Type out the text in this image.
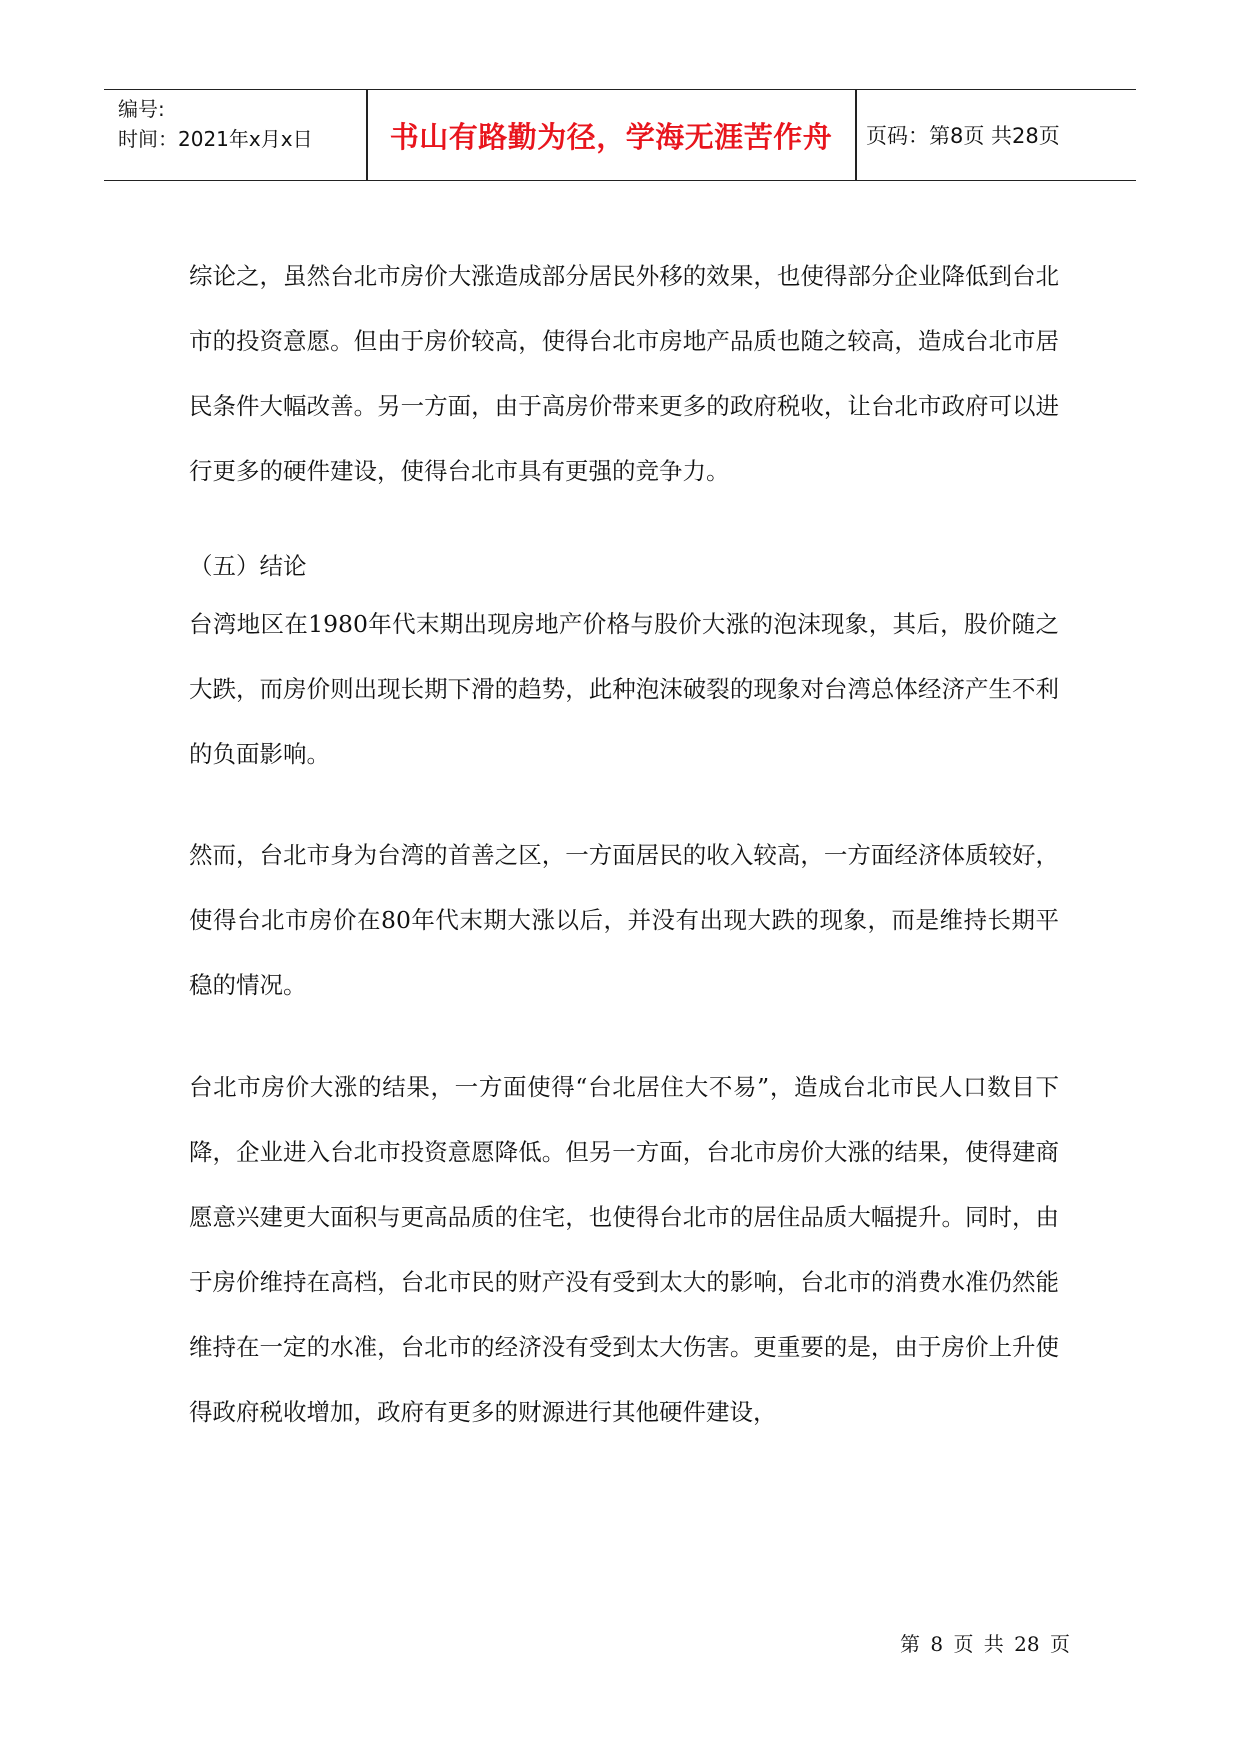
编号:
时间：2021年x月x日	书山有路勤为径，学海无涯苦作舟	页码：第8页 共28页

综论之，虽然台北市房价大涨造成部分居民外移的效果，也使得部分企业降低到台北市的投资意愿。但由于房价较高，使得台北市房地产品质也随之较高，造成台北市居民条件大幅改善。另一方面，由于高房价带来更多的政府税收，让台北市政府可以进行更多的硬件建设，使得台北市具有更强的竞争力。

（五）结论

台湾地区在1980年代末期出现房地产价格与股价大涨的泡沫现象，其后，股价随之大跌，而房价则出现长期下滑的趋势，此种泡沫破裂的现象对台湾总体经济产生不利的负面影响。

然而，台北市身为台湾的首善之区，一方面居民的收入较高，一方面经济体质较好，使得台北市房价在80年代末期大涨以后，并没有出现大跌的现象，而是维持长期平稳的情况。

台北市房价大涨的结果，一方面使得“台北居住大不易”，造成台北市民人口数目下降，企业进入台北市投资意愿降低。但另一方面，台北市房价大涨的结果，使得建商愿意兴建更大面积与更高品质的住宅，也使得台北市的居住品质大幅提升。同时，由于房价维持在高档，台北市民的财产没有受到太大的影响，台北市的消费水准仍然能维持在一定的水准，台北市的经济没有受到太大伤害。更重要的是，由于房价上升使得政府税收增加，政府有更多的财源进行其他硬件建设，

第 8 页 共 28 页
